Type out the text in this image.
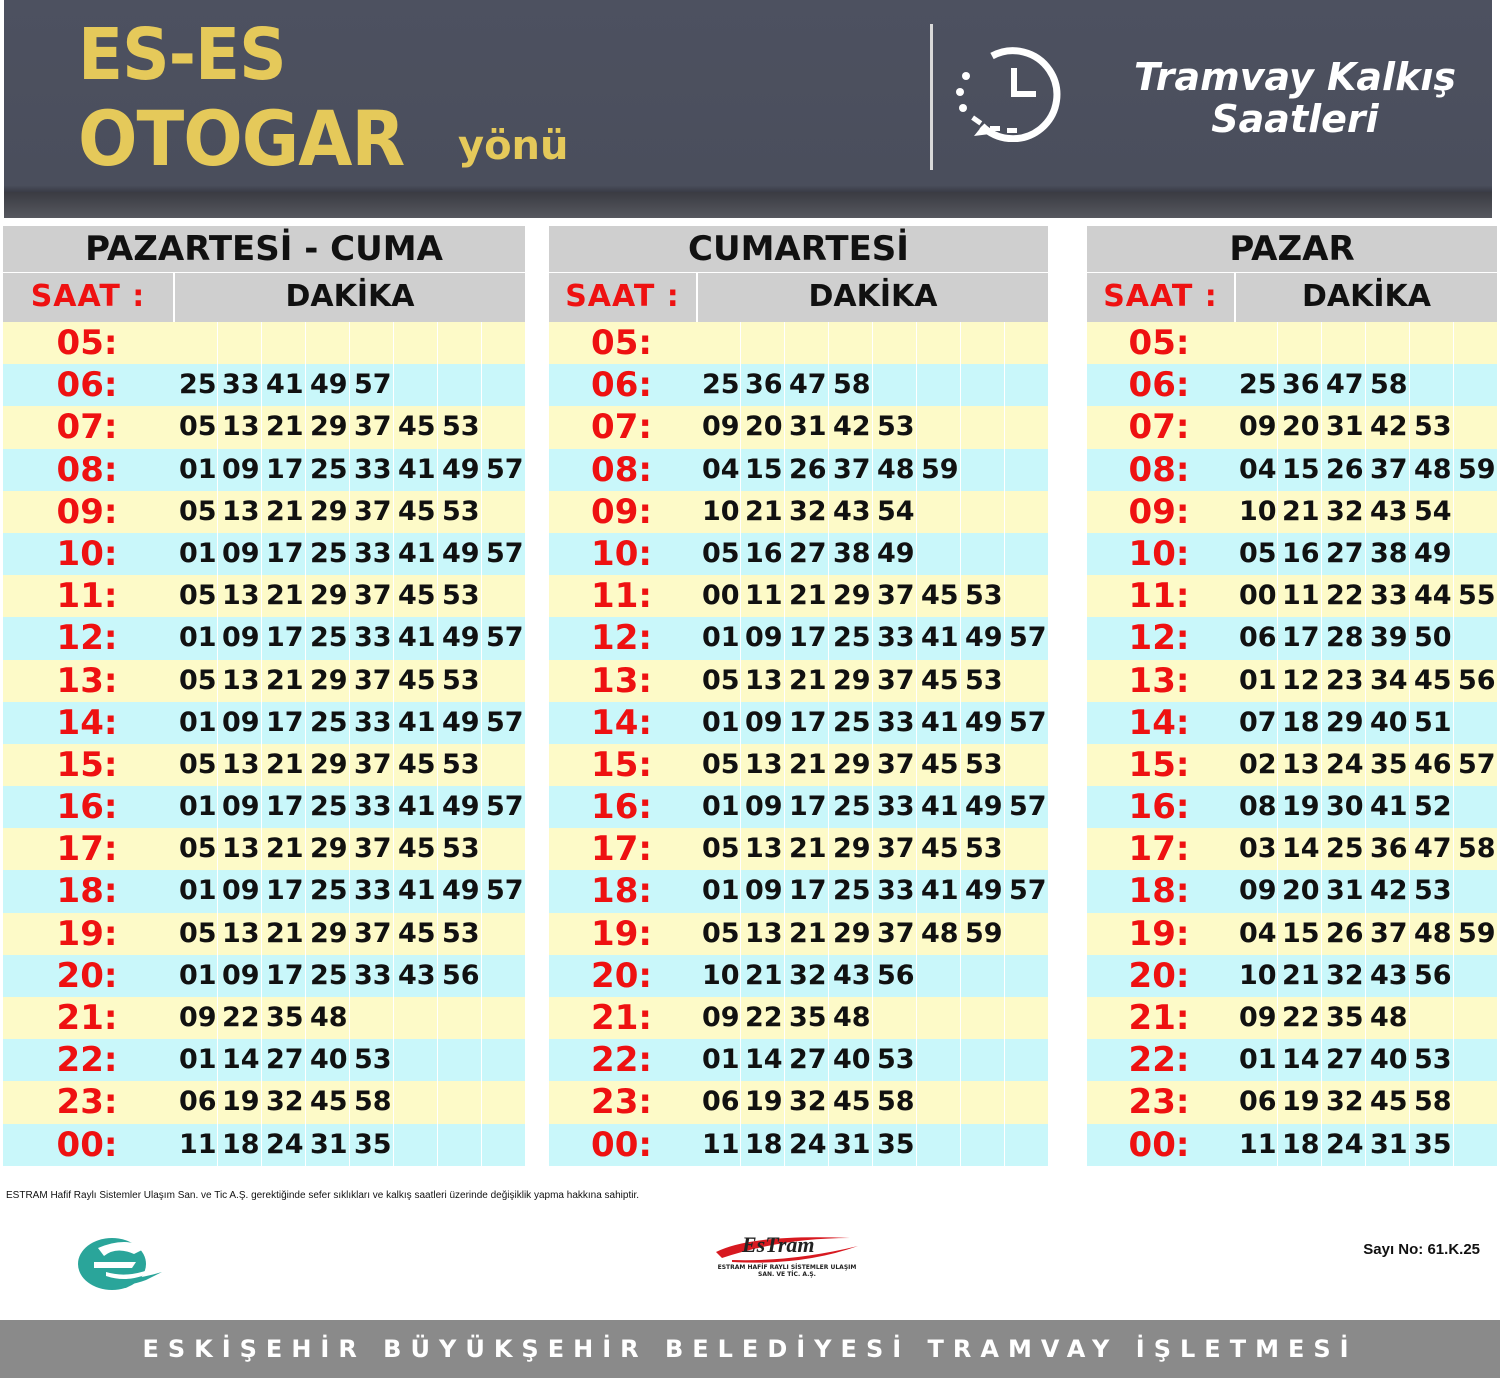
ES-ES
OTOGAR yönü
Tramvay Kalkış
Saatleri
PAZARTESİ - CUMA
SAAT :	DAKİKA
05:
06:	25 33 41 49 57
07:	05 13 21 29 37 45 53
08:	01 09 17 25 33 41 49 57
09:	05 13 21 29 37 45 53
10:	01 09 17 25 33 41 49 57
11:	05 13 21 29 37 45 53
12:	01 09 17 25 33 41 49 57
13:	05 13 21 29 37 45 53
14:	01 09 17 25 33 41 49 57
15:	05 13 21 29 37 45 53
16:	01 09 17 25 33 41 49 57
17:	05 13 21 29 37 45 53
18:	01 09 17 25 33 41 49 57
19:	05 13 21 29 37 45 53
20:	01 09 17 25 33 43 56
21:	09 22 35 48
22:	01 14 27 40 53
23:	06 19 32 45 58
00:	11 18 24 31 35
CUMARTESİ
SAAT :	DAKİKA
05:
06:	25 36 47 58
07:	09 20 31 42 53
08:	04 15 26 37 48 59
09:	10 21 32 43 54
10:	05 16 27 38 49
11:	00 11 21 29 37 45 53
12:	01 09 17 25 33 41 49 57
13:	05 13 21 29 37 45 53
14:	01 09 17 25 33 41 49 57
15:	05 13 21 29 37 45 53
16:	01 09 17 25 33 41 49 57
17:	05 13 21 29 37 45 53
18:	01 09 17 25 33 41 49 57
19:	05 13 21 29 37 48 59
20:	10 21 32 43 56
21:	09 22 35 48
22:	01 14 27 40 53
23:	06 19 32 45 58
00:	11 18 24 31 35
PAZAR
SAAT :	DAKİKA
05:
06:	25 36 47 58
07:	09 20 31 42 53
08:	04 15 26 37 48 59
09:	10 21 32 43 54
10:	05 16 27 38 49
11:	00 11 22 33 44 55
12:	06 17 28 39 50
13:	01 12 23 34 45 56
14:	07 18 29 40 51
15:	02 13 24 35 46 57
16:	08 19 30 41 52
17:	03 14 25 36 47 58
18:	09 20 31 42 53
19:	04 15 26 37 48 59
20:	10 21 32 43 56
21:	09 22 35 48
22:	01 14 27 40 53
23:	06 19 32 45 58
00:	11 18 24 31 35
ESTRAM Hafif Raylı Sistemler Ulaşım San. ve Tic A.Ş. gerektiğinde sefer sıklıkları ve kalkış saatleri üzerinde değişiklik yapma hakkına sahiptir.
EsTram
ESTRAM HAFİF RAYLI SİSTEMLER ULAŞIM SAN. VE TİC. A.Ş.
Sayı No: 61.K.25
ESKİŞEHİR BÜYÜKŞEHİR BELEDİYESİ TRAMVAY İŞLETMESİ
